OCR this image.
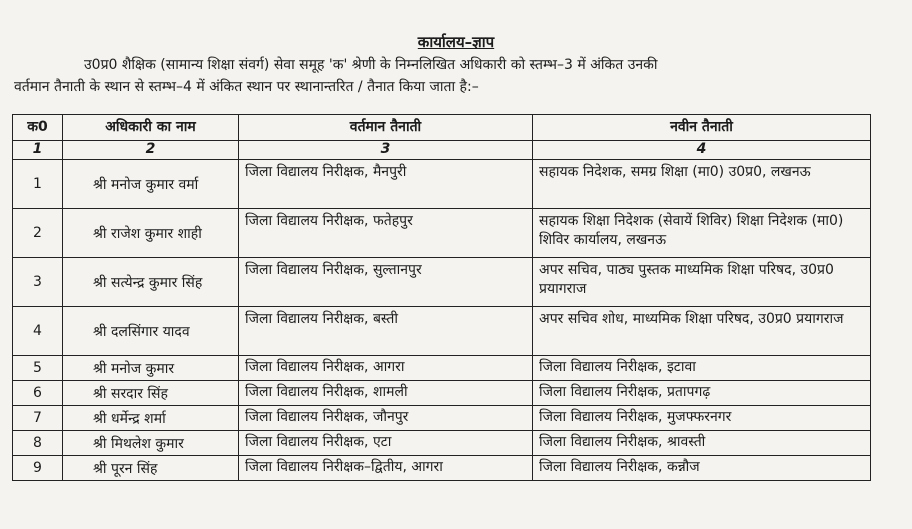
कार्यालय–ज्ञाप
उ0प्र0 शैक्षिक (सामान्य शिक्षा संवर्ग) सेवा समूह 'क' श्रेणी के निम्नलिखित अधिकारी को स्तम्भ–3 में अंकित उनकी
वर्तमान तैनाती के स्थान से स्तम्भ–4 में अंकित स्थान पर स्थानान्तरित / तैनात किया जाता है:–
क0	अधिकारी का नाम	वर्तमान तैनाती	नवीन तैनाती
1	2	3	4
1	श्री मनोज कुमार वर्मा	जिला विद्यालय निरीक्षक, मैनपुरी	सहायक निदेशक, समग्र शिक्षा (मा0) उ0प्र0, लखनऊ
2	श्री राजेश कुमार शाही	जिला विद्यालय निरीक्षक, फतेहपुर	सहायक शिक्षा निदेशक (सेवायें शिविर) शिक्षा निदेशक (मा0) शिविर कार्यालय, लखनऊ
3	श्री सत्येन्द्र कुमार सिंह	जिला विद्यालय निरीक्षक, सुल्तानपुर	अपर सचिव, पाठ्य पुस्तक माध्यमिक शिक्षा परिषद, उ0प्र0 प्रयागराज
4	श्री दलसिंगार यादव	जिला विद्यालय निरीक्षक, बस्ती	अपर सचिव शोध, माध्यमिक शिक्षा परिषद, उ0प्र0 प्रयागराज
5	श्री मनोज कुमार	जिला विद्यालय निरीक्षक, आगरा	जिला विद्यालय निरीक्षक, इटावा
6	श्री सरदार सिंह	जिला विद्यालय निरीक्षक, शामली	जिला विद्यालय निरीक्षक, प्रतापगढ़
7	श्री धर्मेन्द्र शर्मा	जिला विद्यालय निरीक्षक, जौनपुर	जिला विद्यालय निरीक्षक, मुजफ्फरनगर
8	श्री मिथलेश कुमार	जिला विद्यालय निरीक्षक, एटा	जिला विद्यालय निरीक्षक, श्रावस्ती
9	श्री पूरन सिंह	जिला विद्यालय निरीक्षक–द्वितीय, आगरा	जिला विद्यालय निरीक्षक, कन्नौज
